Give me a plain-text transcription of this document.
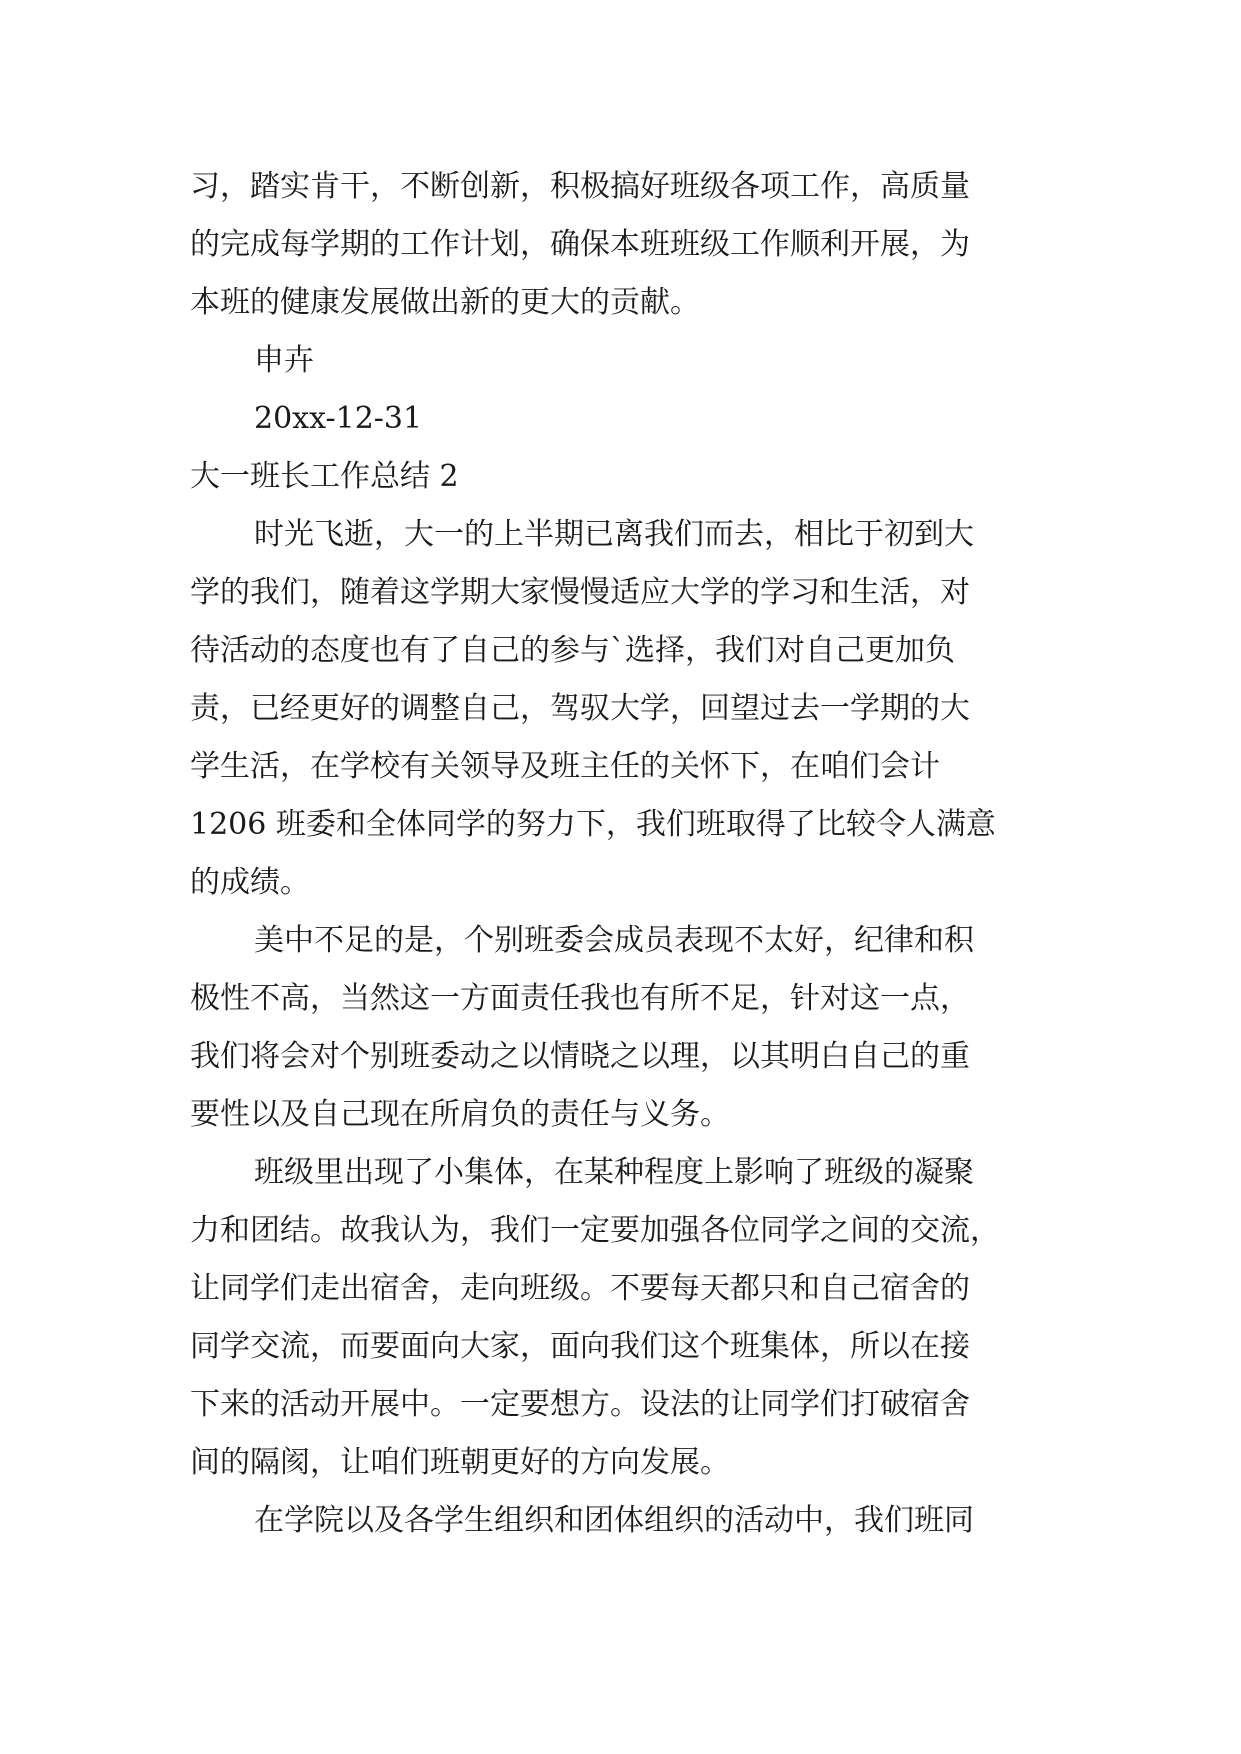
习，踏实肯干，不断创新，积极搞好班级各项工作，高质量
的完成每学期的工作计划，确保本班班级工作顺利开展，为
本班的健康发展做出新的更大的贡献。
申卉
20xx-12-31
大一班长工作总结 2
时光飞逝，大一的上半期已离我们而去，相比于初到大
学的我们，随着这学期大家慢慢适应大学的学习和生活，对
待活动的态度也有了自己的参与`选择，我们对自己更加负
责，已经更好的调整自己，驾驭大学，回望过去一学期的大
学生活，在学校有关领导及班主任的关怀下，在咱们会计
1206 班委和全体同学的努力下，我们班取得了比较令人满意
的成绩。
美中不足的是，个别班委会成员表现不太好，纪律和积
极性不高，当然这一方面责任我也有所不足，针对这一点，
我们将会对个别班委动之以情晓之以理，以其明白自己的重
要性以及自己现在所肩负的责任与义务。
班级里出现了小集体，在某种程度上影响了班级的凝聚
力和团结。故我认为，我们一定要加强各位同学之间的交流，
让同学们走出宿舍，走向班级。不要每天都只和自己宿舍的
同学交流，而要面向大家，面向我们这个班集体，所以在接
下来的活动开展中。一定要想方。设法的让同学们打破宿舍
间的隔阂，让咱们班朝更好的方向发展。
在学院以及各学生组织和团体组织的活动中，我们班同
